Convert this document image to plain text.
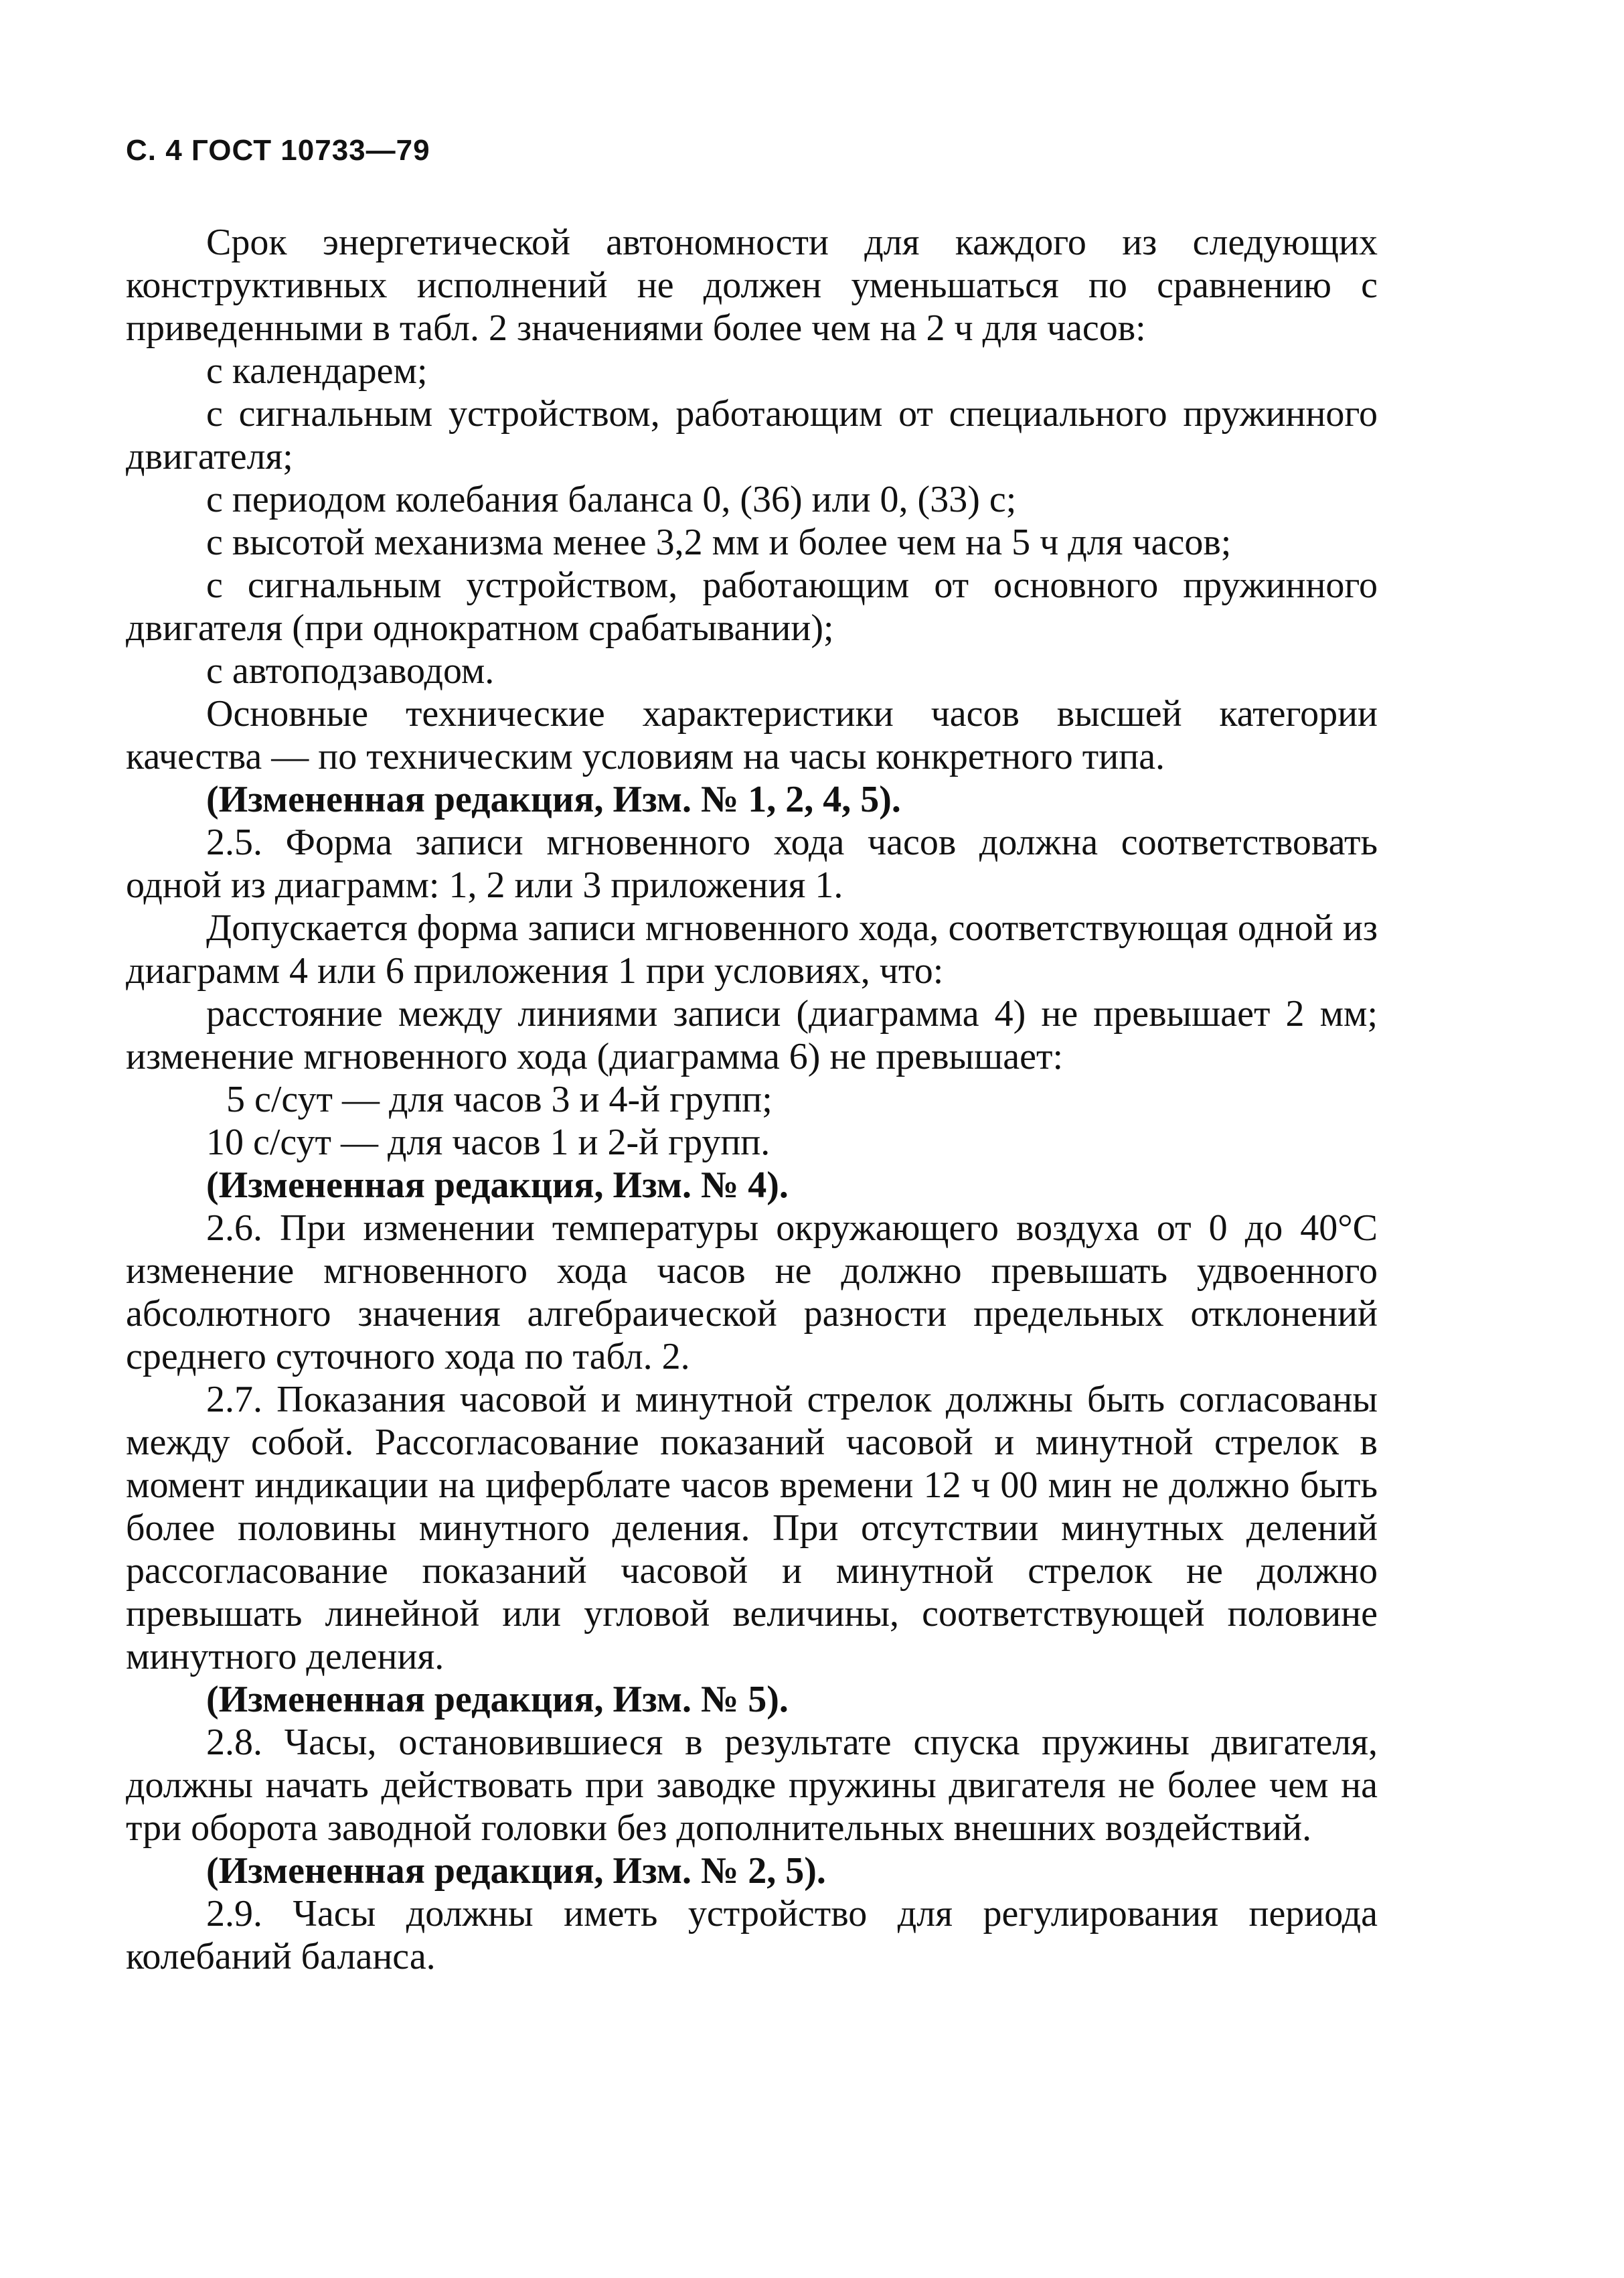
С. 4 ГОСТ 10733—79

Срок энергетической автономности для каждого из следующих конструктивных исполнений не должен уменьшаться по сравнению с приведенными в табл. 2 значениями более чем на 2 ч для часов:

с календарем;

с сигнальным устройством, работающим от специального пружинного двигателя;

с периодом колебания баланса 0, (36) или 0, (33) с;

с высотой механизма менее 3,2 мм и более чем на 5 ч для часов;

с сигнальным устройством, работающим от основного пружинного двигателя (при однократном срабатывании);

с автоподзаводом.

Основные технические характеристики часов высшей категории качества — по техническим условиям на часы конкретного типа.

(Измененная редакция, Изм. № 1, 2, 4, 5).

2.5. Форма записи мгновенного хода часов должна соответствовать одной из диаграмм: 1, 2 или 3 приложения 1.

Допускается форма записи мгновенного хода, соответствующая одной из диаграмм 4 или 6 приложения 1 при условиях, что:

расстояние между линиями записи (диаграмма 4) не превышает 2 мм; изменение мгновенного хода (диаграмма 6) не превышает:

5 с/сут — для часов 3 и 4-й групп;

10 с/сут — для часов 1 и 2-й групп.

(Измененная редакция, Изм. № 4).

2.6. При изменении температуры окружающего воздуха от 0 до 40°С изменение мгновенного хода часов не должно превышать удвоенного абсолютного значения алгебраической разности предельных отклонений среднего суточного хода по табл. 2.

2.7. Показания часовой и минутной стрелок должны быть согласованы между собой. Рассогласование показаний часовой и минутной стрелок в момент индикации на циферблате часов времени 12 ч 00 мин не должно быть более половины минутного деления. При отсутствии минутных делений рассогласование показаний часовой и минутной стрелок не должно превышать линейной или угловой величины, соответствующей половине минутного деления.

(Измененная редакция, Изм. № 5).

2.8. Часы, остановившиеся в результате спуска пружины двигателя, должны начать действовать при заводке пружины двигателя не более чем на три оборота заводной головки без дополнительных внешних воздействий.

(Измененная редакция, Изм. № 2, 5).

2.9. Часы должны иметь устройство для регулирования периода колебаний баланса.
